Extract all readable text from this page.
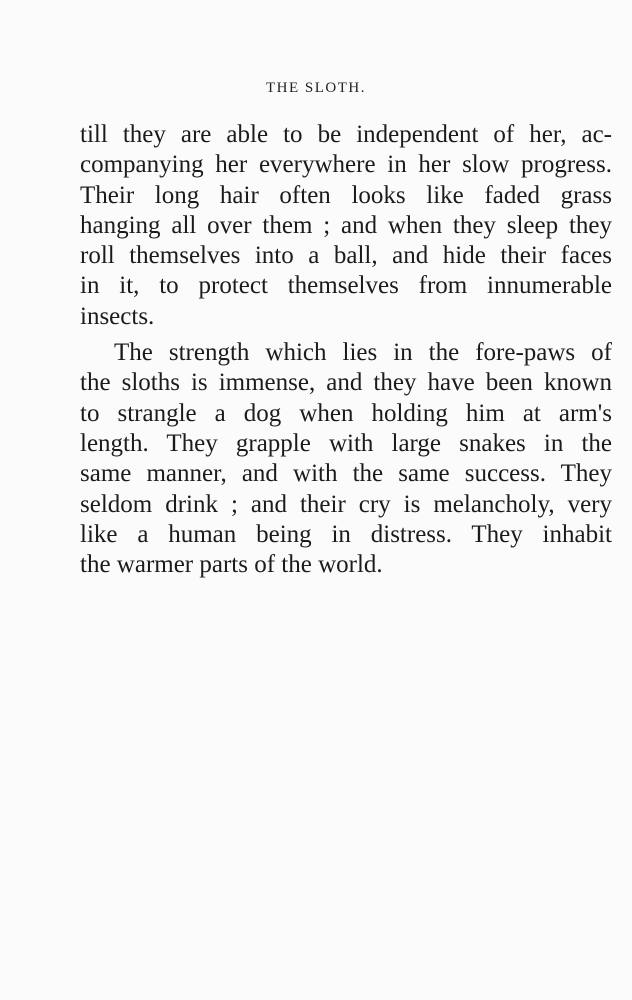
THE SLOTH.
till they are able to be independent of her, ac-
companying her everywhere in her slow progress.
Their long hair often looks like faded grass
hanging all over them ; and when they sleep they
roll themselves into a ball, and hide their faces
in it, to protect themselves from innumerable
insects.
The strength which lies in the fore-paws of
the sloths is immense, and they have been known
to strangle a dog when holding him at arm's
length. They grapple with large snakes in the
same manner, and with the same success. They
seldom drink ; and their cry is melancholy, very
like a human being in distress. They inhabit
the warmer parts of the world.
